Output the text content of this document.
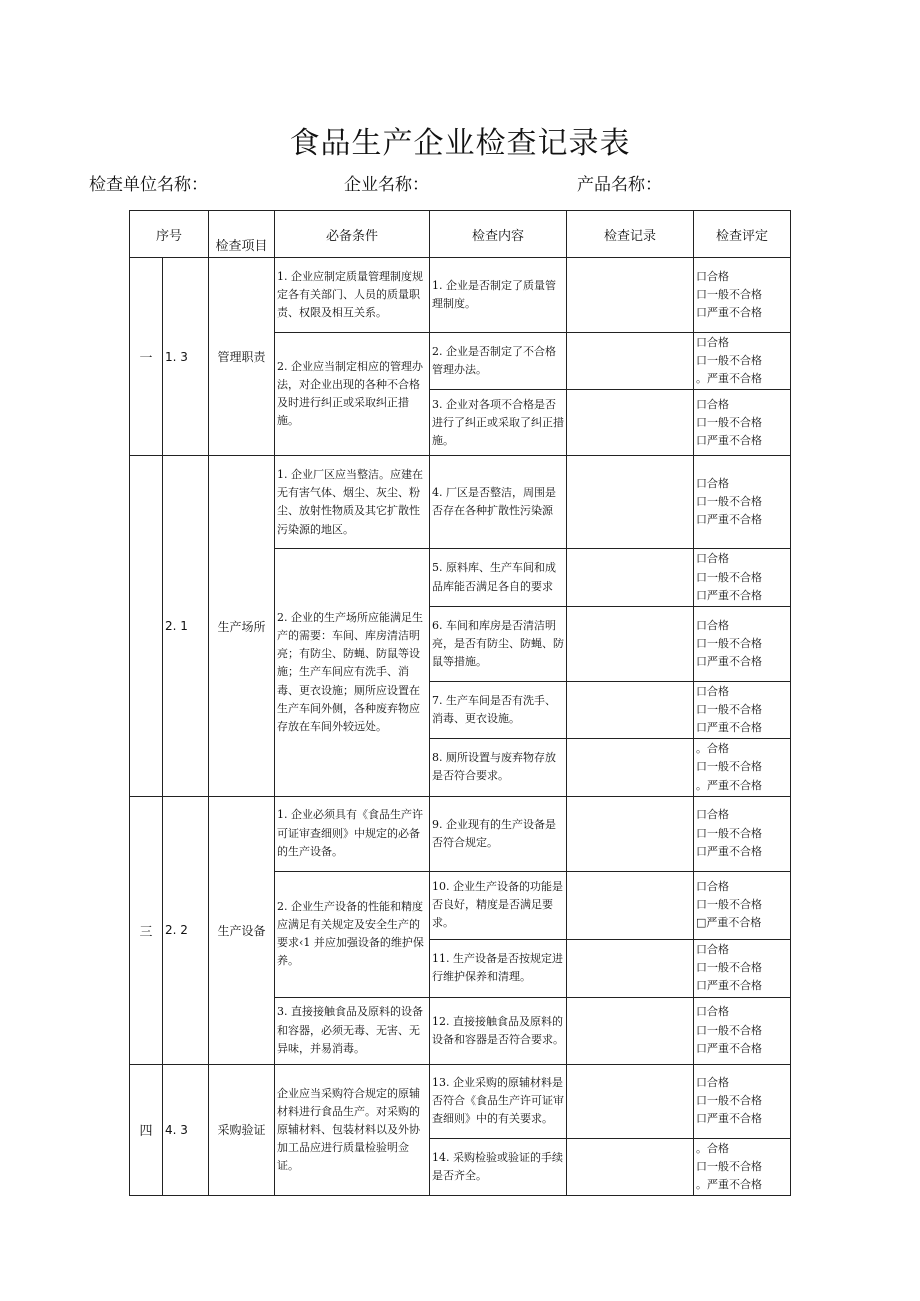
食品生产企业检查记录表

检查单位名称：	企业名称：	产品名称：

序号		检查项目	必备条件	检查内容	检查记录	检查评定
一	1. 3	管理职责	1. 企业应制定质量管理制度规定各有关部门、人员的质量职责、权限及相互关系。	1. 企业是否制定了质量管理制度。		口合格
口一般不合格
口严重不合格

			2. 企业应当制定相应的管理办法，对企业出现的各种不合格及时进行纠正或采取纠正措施。	2. 企业是否制定了不合格管理办法。		口合格
口一般不合格
。严重不合格

				3. 企业对各项不合格是否进行了纠正或采取了纠正措施。		口合格
口一般不合格
口严重不合格

	2. 1	生产场所	1. 企业厂区应当整洁。应建在无有害气体、烟尘、灰尘、粉尘、放射性物质及其它扩散性污染源的地区。	4. 厂区是否整洁，周围是否存在各种扩散性污染源		口合格
口一般不合格
口严重不合格

			2. 企业的生产场所应能满足生产的需要：车间、库房清洁明亮；有防尘、防蝇、防鼠等设施；生产车间应有洗手、消毒、更衣设施；厕所应设置在生产车间外侧，各种废弃物应存放在车间外较远处。	5. 原料库、生产车间和成品库能否满足各自的要求		口合格
口一般不合格
口严重不合格

				6. 车间和库房是否清洁明亮，是否有防尘、防蝇、防鼠等措施。		口合格
口一般不合格
口严重不合格

				7. 生产车间是否有洗手、消毒、更衣设施。		口合格
口一般不合格
口严重不合格

				8. 厕所设置与废弃物存放是否符合要求。		。合格
口一般不合格
。严重不合格

三	2. 2	生产设备	1. 企业必须具有《食品生产许可证审查细则》中规定的必备的生产设备。	9. 企业现有的生产设备是否符合规定。		口合格
口一般不合格
口严重不合格

			2. 企业生产设备的性能和精度应满足有关规定及安全生产的要求‹1 并应加强设备的维护保养。	10. 企业生产设备的功能是否良好，精度是否满足要求。		口合格
口一般不合格
□严重不合格

				11. 生产设备是否按规定进行维护保养和清理。		口合格
口一般不合格
口严重不合格

			3. 直接接触食品及原料的设备和容器，必须无毒、无害、无异味，并易消毒。	12. 直接接触食品及原料的设备和容器是否符合要求。		口合格
口一般不合格
口严重不合格

四	4. 3	采购验证	企业应当采购符合规定的原辅材料进行食品生产。对采购的原辅材料、包装材料以及外协加工品应进行质量检验明佥证。	13. 企业采购的原辅材料是否符合《食品生产许可证审查细则》中的有关要求。		口合格
口一般不合格
口严重不合格

				14. 采购检验或验证的手续是否齐全。		。合格
口一般不合格
。严重不合格
